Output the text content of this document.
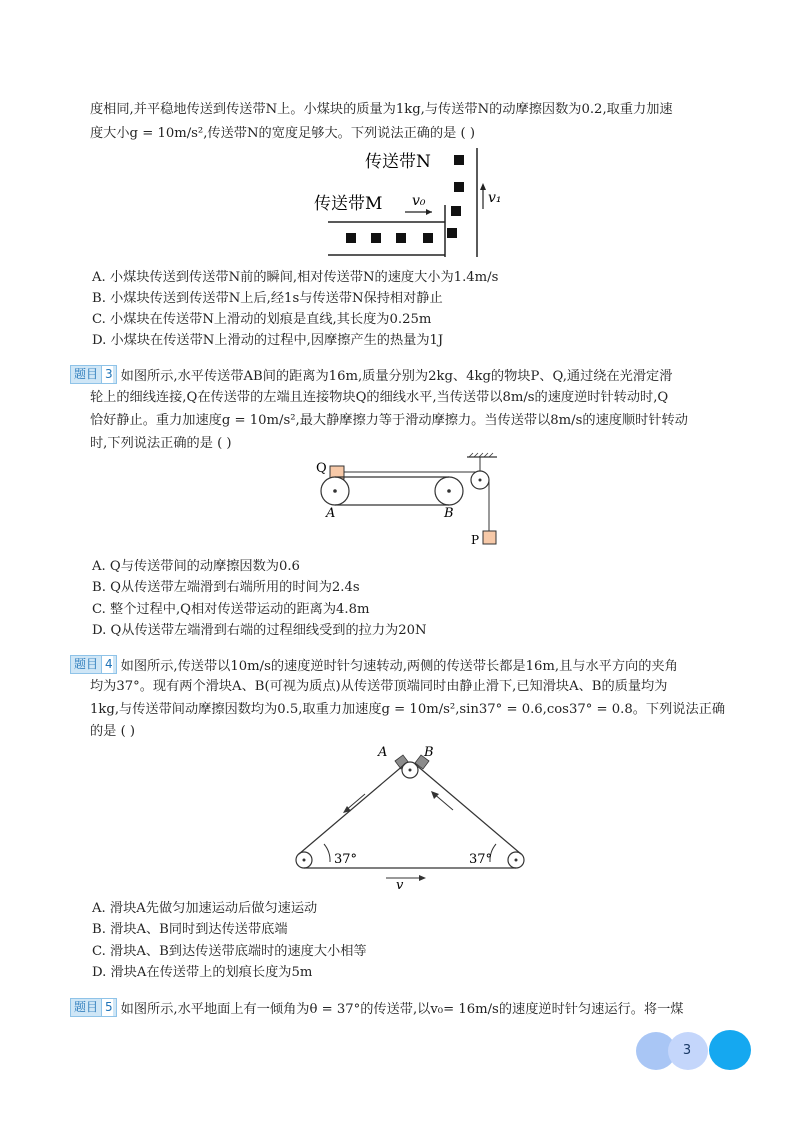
度相同,并平稳地传送到传送带N上。小煤块的质量为1kg,与传送带N的动摩擦因数为0.2,取重力加速
度大小g = 10m/s²,传送带N的宽度足够大。下列说法正确的是 ( )
传送带N
传送带M v₀	v₁
A. 小煤块传送到传送带N前的瞬间,相对传送带N的速度大小为1.4m/s
B. 小煤块传送到传送带N上后,经1s与传送带N保持相对静止
C. 小煤块在传送带N上滑动的划痕是直线,其长度为0.25m
D. 小煤块在传送带N上滑动的过程中,因摩擦产生的热量为1J
题目 3 如图所示,水平传送带AB间的距离为16m,质量分别为2kg、4kg的物块P、Q,通过绕在光滑定滑
轮上的细线连接,Q在传送带的左端且连接物块Q的细线水平,当传送带以8m/s的速度逆时针转动时,Q
恰好静止。重力加速度g = 10m/s²,最大静摩擦力等于滑动摩擦力。当传送带以8m/s的速度顺时针转动
时,下列说法正确的是 ( )
Q
A	B
P
A. Q与传送带间的动摩擦因数为0.6
B. Q从传送带左端滑到右端所用的时间为2.4s
C. 整个过程中,Q相对传送带运动的距离为4.8m
D. Q从传送带左端滑到右端的过程细线受到的拉力为20N
题目 4 如图所示,传送带以10m/s的速度逆时针匀速转动,两侧的传送带长都是16m,且与水平方向的夹角
均为37°。现有两个滑块A、B(可视为质点)从传送带顶端同时由静止滑下,已知滑块A、B的质量均为
1kg,与传送带间动摩擦因数均为0.5,取重力加速度g = 10m/s²,sin37° = 0.6,cos37° = 0.8。下列说法正确
的是 ( )
A	B
37°	37°
v
A. 滑块A先做匀加速运动后做匀速运动
B. 滑块A、B同时到达传送带底端
C. 滑块A、B到达传送带底端时的速度大小相等
D. 滑块A在传送带上的划痕长度为5m
题目 5 如图所示,水平地面上有一倾角为θ = 37°的传送带,以v₀= 16m/s的速度逆时针匀速运行。将一煤
3
